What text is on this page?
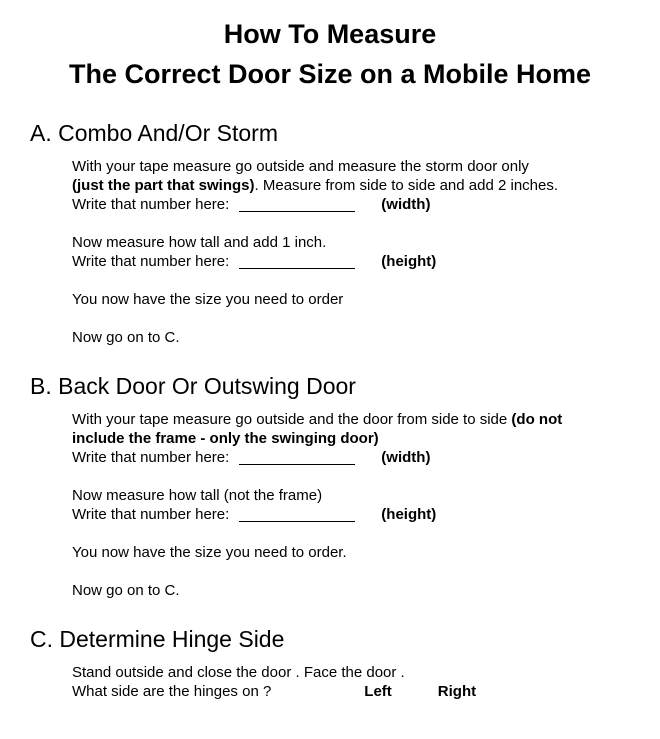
How To Measure
The Correct Door Size on a Mobile Home
A. Combo And/Or Storm

With your tape measure go outside and measure the storm door only
(just the part that swings). Measure from side to side and add 2 inches.

Write that number here:	(width)
Now measure how tall and add 1 inch.
Write that number here:	(height)
You now have the size you need to order
Now go on to C.
B. Back Door Or Outswing Door

With your tape measure go outside and the door from side to side (do not
include the frame - only the swinging door)

Write that number here:	(width)
Now measure how tall (not the frame)
Write that number here:	(height)
You now have the size you need to order.
Now go on to C.
C. Determine Hinge Side
Stand outside and close the door . Face the door .
What side are the hinges on ?	Left	Right
